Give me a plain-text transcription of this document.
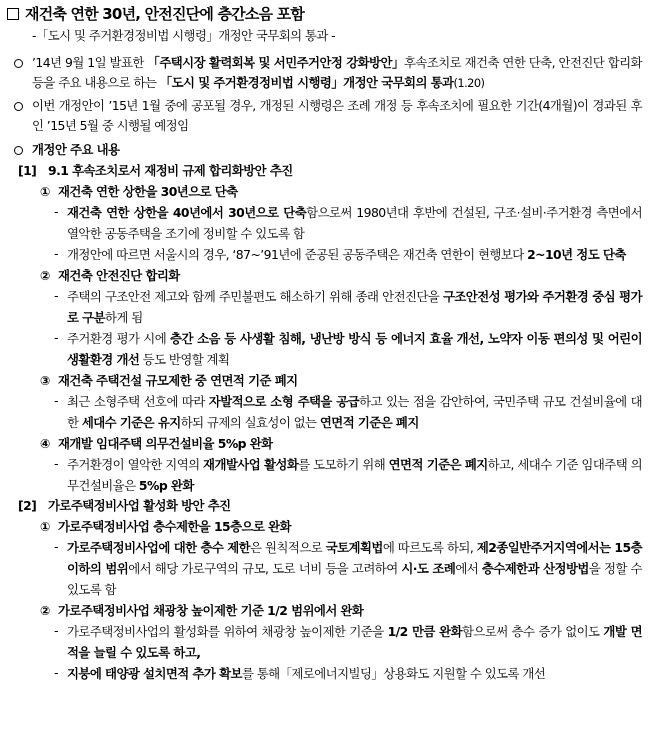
재건축 연한 30년, 안전진단에 층간소음 포함
-「도시 및 주거환경정비법 시행령」개정안 국무회의 통과 -
’14년 9월 1일 발표한 「주택시장 활력회복 및 서민주거안정 강화방안」후속조치로 재건축 연한 단축, 안전진단 합리화 등을 주요 내용으로 하는 「도시 및 주거환경정비법 시행령」개정안 국무회의 통과(1.20)
이번 개정안이 ’15년 1월 중에 공포될 경우, 개정된 시행령은 조례 개정 등 후속조치에 필요한 기간(4개월)이 경과된 후인 ’15년 5월 중 시행될 예정임
개정안 주요 내용
[1] 9.1 후속조치로서 재정비 규제 합리화방안 추진
① 재건축 연한 상한을 30년으로 단축
- 재건축 연한 상한을 40년에서 30년으로 단축함으로써 1980년대 후반에 건설된, 구조·설비·주거환경 측면에서 열악한 공동주택을 조기에 정비할 수 있도록 함
- 개정안에 따르면 서울시의 경우, ‘87~’91년에 준공된 공동주택은 재건축 연한이 현행보다 2~10년 정도 단축
② 재건축 안전진단 합리화
- 주택의 구조안전 제고와 함께 주민불편도 해소하기 위해 종래 안전진단을 구조안전성 평가와 주거환경 중심 평가로 구분하게 됨
- 주거환경 평가 시에 층간 소음 등 사생활 침해, 냉난방 방식 등 에너지 효율 개선, 노약자 이동 편의성 및 어린이 생활환경 개선 등도 반영할 계획
③ 재건축 주택건설 규모제한 중 연면적 기준 폐지
- 최근 소형주택 선호에 따라 자발적으로 소형 주택을 공급하고 있는 점을 감안하여, 국민주택 규모 건설비율에 대한 세대수 기준은 유지하되 규제의 실효성이 없는 연면적 기준은 폐지
④ 재개발 임대주택 의무건설비율 5%p 완화
- 주거환경이 열악한 지역의 재개발사업 활성화를 도모하기 위해 연면적 기준은 폐지하고, 세대수 기준 임대주택 의무건설비율은 5%p 완화
[2] 가로주택정비사업 활성화 방안 추진
① 가로주택정비사업 층수제한을 15층으로 완화
- 가로주택정비사업에 대한 층수 제한은 원칙적으로 국토계획법에 따르도록 하되, 제2종일반주거지역에서는 15층 이하의 범위에서 해당 가로구역의 규모, 도로 너비 등을 고려하여 시·도 조례에서 층수제한과 산정방법을 정할 수 있도록 함
② 가로주택정비사업 채광창 높이제한 기준 1/2 범위에서 완화
- 가로주택정비사업의 활성화를 위하여 채광창 높이제한 기준을 1/2 만큼 완화함으로써 층수 증가 없이도 개발 면적을 늘릴 수 있도록 하고,
- 지붕에 태양광 설치면적 추가 확보를 통해「제로에너지빌딩」상용화도 지원할 수 있도록 개선
